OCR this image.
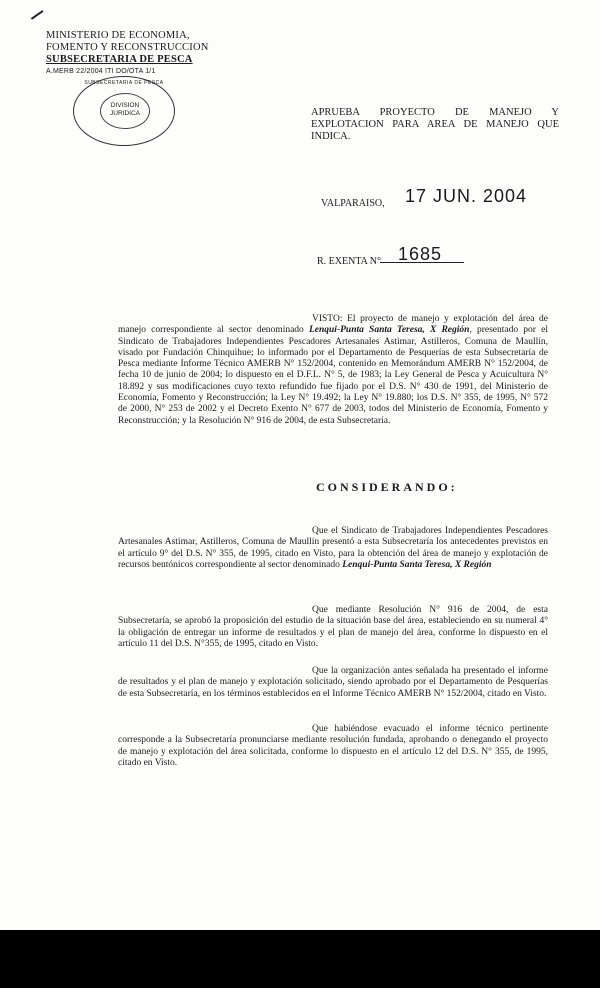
MINISTERIO DE ECONOMIA,
FOMENTO Y RECONSTRUCCION
SUBSECRETARIA DE PESCA
A.MERB 22/2004 ITI DO/OTA 1/1
SUBSECRETARIA DE PESCA
DIVISION
JURIDICA	APRUEBA PROYECTO DE MANEJO Y EXPLOTACION PARA AREA DE MANEJO QUE INDICA.
VALPARAISO, 17 JUN. 2004
R. EXENTA N° 1685
VISTO: El proyecto de manejo y explotación del área de manejo correspondiente al sector denominado Lenqui-Punta Santa Teresa, X Región, presentado por el Sindicato de Trabajadores Independientes Pescadores Artesanales Astimar, Astilleros, Comuna de Maullín, visado por Fundación Chinquihue; lo informado por el Departamento de Pesquerías de esta Subsecretaría de Pesca mediante Informe Técnico AMERB N° 152/2004, contenido en Memorándum AMERB N° 152/2004, de fecha 10 de junio de 2004; lo dispuesto en el D.F.L. N° 5, de 1983; la Ley General de Pesca y Acuicultura N° 18.892 y sus modificaciones cuyo texto refundido fue fijado por el D.S. N° 430 de 1991, del Ministerio de Economía, Fomento y Reconstrucción; la Ley N° 19.492; la Ley N° 19.880; los D.S. N° 355, de 1995, N° 572 de 2000, N° 253 de 2002 y el Decreto Exento N° 677 de 2003, todos del Ministerio de Economía, Fomento y Reconstrucción; y la Resolución N° 916 de 2004, de esta Subsecretaría.
CONSIDERANDO:
Que el Sindicato de Trabajadores Independientes Pescadores Artesanales Astimar, Astilleros, Comuna de Maullín presentó a esta Subsecretaría los antecedentes previstos en el artículo 9° del D.S. N° 355, de 1995, citado en Visto, para la obtención del área de manejo y explotación de recursos bentónicos correspondiente al sector denominado Lenqui-Punta Santa Teresa, X Región
Que mediante Resolución N° 916 de 2004, de esta Subsecretaría, se aprobó la proposición del estudio de la situación base del área, estableciendo en su numeral 4° la obligación de entregar un informe de resultados y el plan de manejo del área, conforme lo dispuesto en el artículo 11 del D.S. N°355, de 1995, citado en Visto.
Que la organización antes señalada ha presentado el informe de resultados y el plan de manejo y explotación solicitado, siendo aprobado por el Departamento de Pesquerías de esta Subsecretaría, en los términos establecidos en el Informe Técnico AMERB N° 152/2004, citado en Visto.
Que habiéndose evacuado el informe técnico pertinente corresponde a la Subsecretaría pronunciarse mediante resolución fundada, aprobando o denegando el proyecto de manejo y explotación del área solicitada, conforme lo dispuesto en el artículo 12 del D.S. N° 355, de 1995, citado en Visto.
